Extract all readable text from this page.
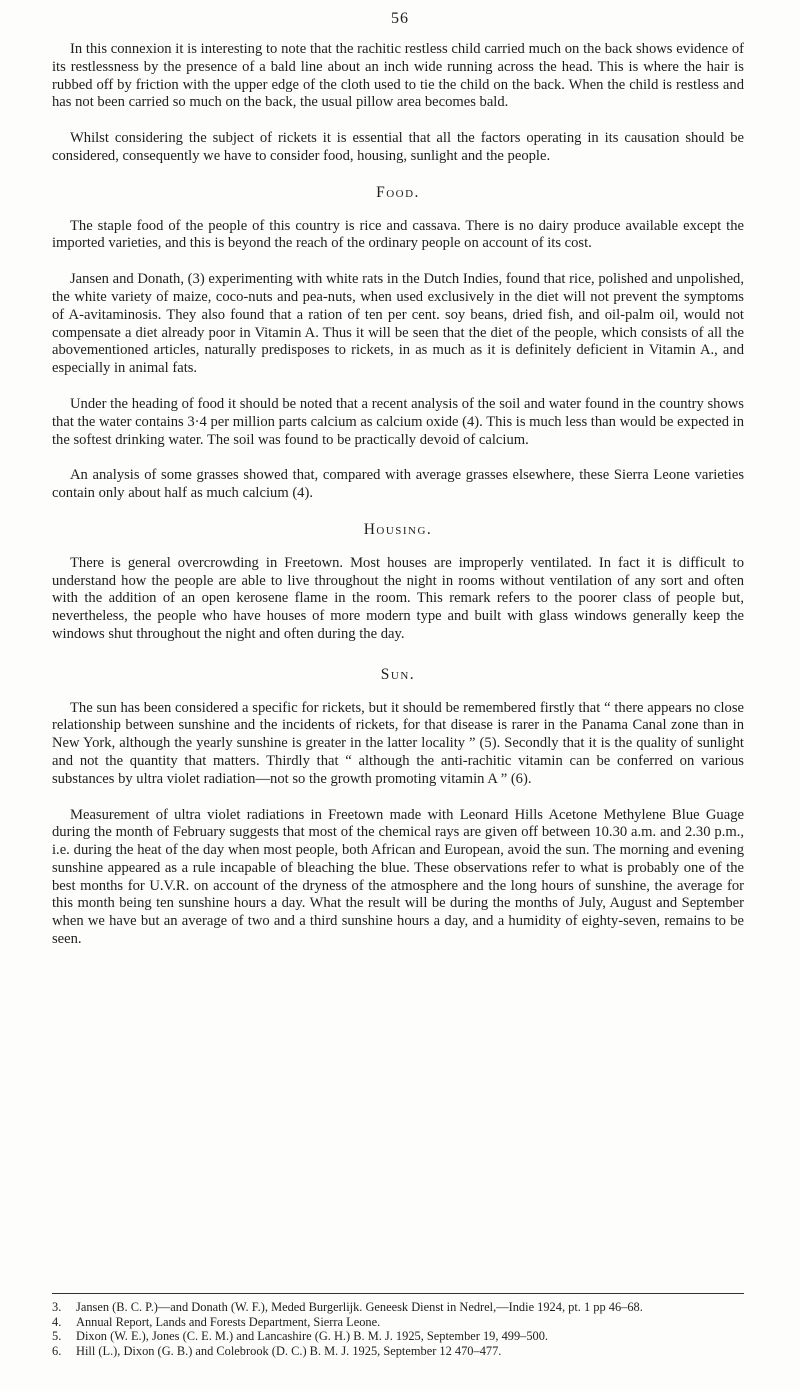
56

In this connexion it is interesting to note that the rachitic restless child carried much on the back shows evidence of its restlessness by the presence of a bald line about an inch wide running across the head. This is where the hair is rubbed off by friction with the upper edge of the cloth used to tie the child on the back. When the child is restless and has not been carried so much on the back, the usual pillow area becomes bald.

Whilst considering the subject of rickets it is essential that all the factors operating in its causation should be considered, consequently we have to consider food, housing, sunlight and the people.

Food.

The staple food of the people of this country is rice and cassava. There is no dairy produce available except the imported varieties, and this is beyond the reach of the ordinary people on account of its cost.

Jansen and Donath, (3) experimenting with white rats in the Dutch Indies, found that rice, polished and unpolished, the white variety of maize, coco-nuts and pea-nuts, when used exclusively in the diet will not prevent the symptoms of A-avitaminosis. They also found that a ration of ten per cent. soy beans, dried fish, and oil-palm oil, would not compensate a diet already poor in Vitamin A. Thus it will be seen that the diet of the people, which consists of all the abovementioned articles, naturally predisposes to rickets, in as much as it is definitely deficient in Vitamin A., and especially in animal fats.

Under the heading of food it should be noted that a recent analysis of the soil and water found in the country shows that the water contains 3·4 per million parts calcium as calcium oxide (4). This is much less than would be expected in the softest drinking water. The soil was found to be practically devoid of calcium.

An analysis of some grasses showed that, compared with average grasses elsewhere, these Sierra Leone varieties contain only about half as much calcium (4).

Housing.

There is general overcrowding in Freetown. Most houses are improperly ventilated. In fact it is difficult to understand how the people are able to live throughout the night in rooms without ventilation of any sort and often with the addition of an open kerosene flame in the room. This remark refers to the poorer class of people but, nevertheless, the people who have houses of more modern type and built with glass windows generally keep the windows shut throughout the night and often during the day.

Sun.

The sun has been considered a specific for rickets, but it should be remembered firstly that “ there appears no close relationship between sunshine and the incidents of rickets, for that disease is rarer in the Panama Canal zone than in New York, although the yearly sunshine is greater in the latter locality ” (5). Secondly that it is the quality of sunlight and not the quantity that matters. Thirdly that “ although the anti-rachitic vitamin can be conferred on various substances by ultra violet radiation—not so the growth promoting vitamin A ” (6).

Measurement of ultra violet radiations in Freetown made with Leonard Hills Acetone Methylene Blue Guage during the month of February suggests that most of the chemical rays are given off between 10.30 a.m. and 2.30 p.m., i.e. during the heat of the day when most people, both African and European, avoid the sun. The morning and evening sunshine appeared as a rule incapable of bleaching the blue. These observations refer to what is probably one of the best months for U.V.R. on account of the dryness of the atmosphere and the long hours of sunshine, the average for this month being ten sunshine hours a day. What the result will be during the months of July, August and September when we have but an average of two and a third sunshine hours a day, and a humidity of eighty-seven, remains to be seen.

3.	Jansen (B. C. P.)—and Donath (W. F.), Meded Burgerlijk. Geneesk Dienst in Nedrel,—Indie 1924, pt. 1 pp 46–68.
4.	Annual Report, Lands and Forests Department, Sierra Leone.
5.	Dixon (W. E.), Jones (C. E. M.) and Lancashire (G. H.) B. M. J. 1925, September 19, 499–500.
6.	Hill (L.), Dixon (G. B.) and Colebrook (D. C.) B. M. J. 1925, September 12 470–477.
